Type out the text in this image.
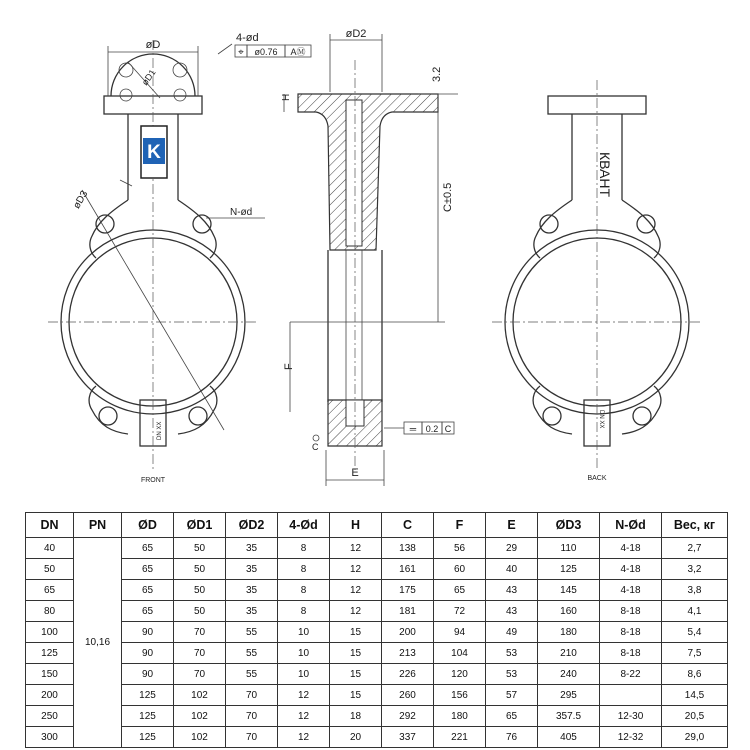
K
øD
øD1
4-ød
⌖ ø0.76 AⓂ
øD3
N-ød
DN XX
FRONT
øD2
H
3.2
C±0.5
F
E
═ 0.2 C
C
КВАНТ
DN XX
BACK
DN	PN	ØD	ØD1	ØD2	4-Ød	H	C	F	E	ØD3	N-Ød	Вес, кг
40	10,16	65	50	35	8	12	138	56	29	110	4-18	2,7
50		65	50	35	8	12	161	60	40	125	4-18	3,2
65		65	50	35	8	12	175	65	43	145	4-18	3,8
80		65	50	35	8	12	181	72	43	160	8-18	4,1
100		90	70	55	10	15	200	94	49	180	8-18	5,4
125		90	70	55	10	15	213	104	53	210	8-18	7,5
150		90	70	55	10	15	226	120	53	240	8-22	8,6
200		125	102	70	12	15	260	156	57	295		14,5
250		125	102	70	12	18	292	180	65	357.5	12-30	20,5
300		125	102	70	12	20	337	221	76	405	12-32	29,0
